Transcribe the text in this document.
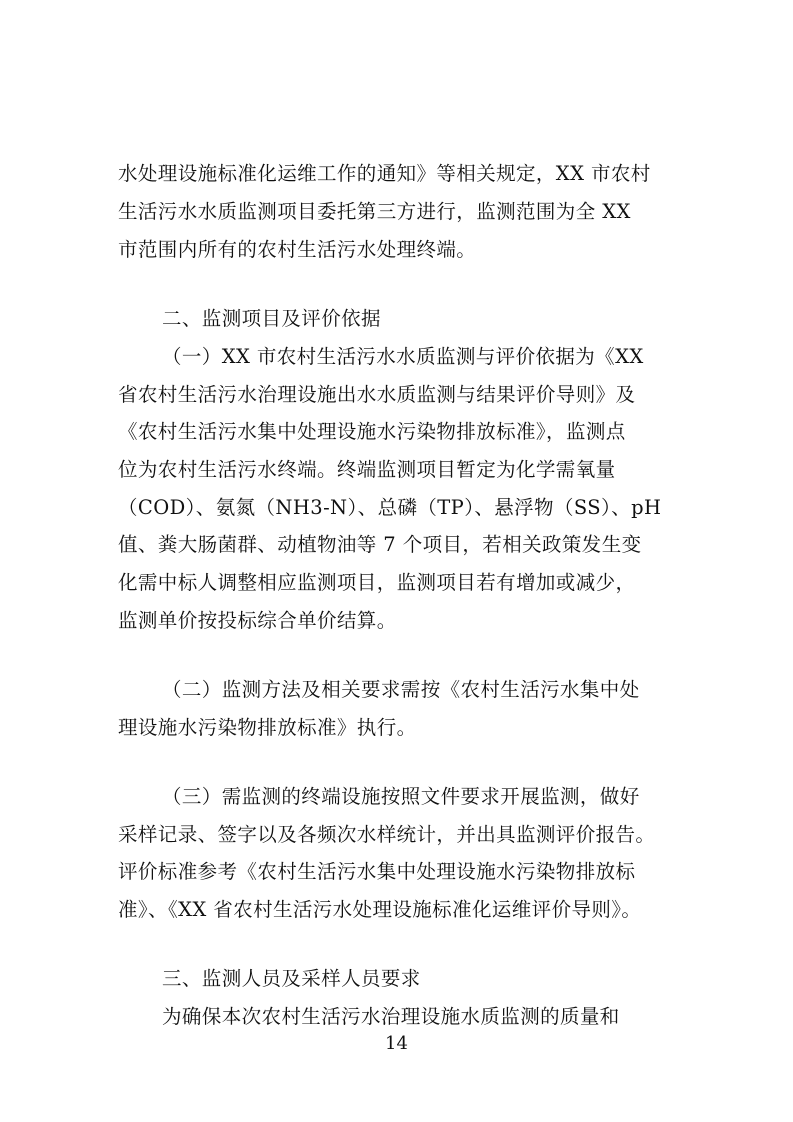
水处理设施标准化运维工作的通知》等相关规定，XX 市农村
生活污水水质监测项目委托第三方进行，监测范围为全 XX
市范围内所有的农村生活污水处理终端。
二、监测项目及评价依据
（一）XX 市农村生活污水水质监测与评价依据为《XX
省农村生活污水治理设施出水水质监测与结果评价导则》及
《农村生活污水集中处理设施水污染物排放标准》，监测点
位为农村生活污水终端。终端监测项目暂定为化学需氧量
（COD）、氨氮（NH3-N）、总磷（TP）、悬浮物（SS）、pH
值、粪大肠菌群、动植物油等 7 个项目，若相关政策发生变
化需中标人调整相应监测项目，监测项目若有增加或减少，
监测单价按投标综合单价结算。
（二）监测方法及相关要求需按《农村生活污水集中处
理设施水污染物排放标准》执行。
（三）需监测的终端设施按照文件要求开展监测，做好
采样记录、签字以及各频次水样统计，并出具监测评价报告。
评价标准参考《农村生活污水集中处理设施水污染物排放标
准》、《XX 省农村生活污水处理设施标准化运维评价导则》。
三、监测人员及采样人员要求
为确保本次农村生活污水治理设施水质监测的质量和
14
